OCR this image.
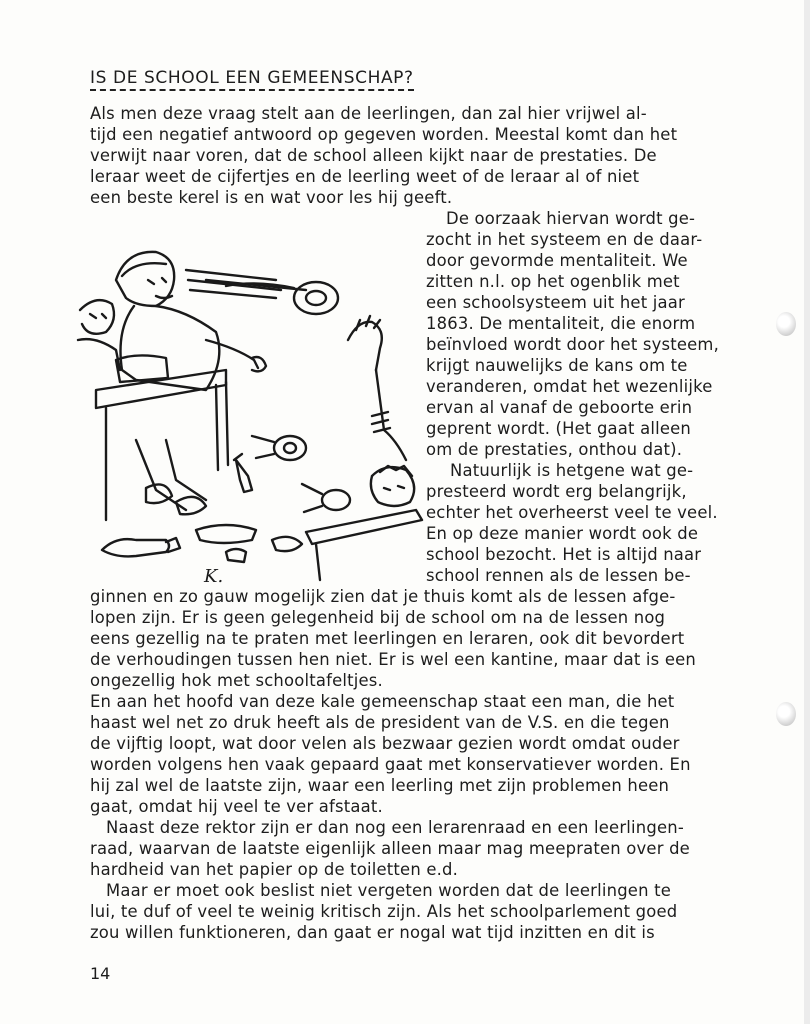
IS DE SCHOOL EEN GEMEENSCHAP?
Als men deze vraag stelt aan de leerlingen, dan zal hier vrijwel al-
tijd een negatief antwoord op gegeven worden. Meestal komt dan het
verwijt naar voren, dat de school alleen kijkt naar de prestaties. De
leraar weet de cijfertjes en de leerling weet of de leraar al of niet
een beste kerel is en wat voor les hij geeft.
De oorzaak hiervan wordt ge-
zocht in het systeem en de daar-
door gevormde mentaliteit. We
zitten n.l. op het ogenblik met
een schoolsysteem uit het jaar
1863. De mentaliteit, die enorm
beïnvloed wordt door het systeem,
krijgt nauwelijks de kans om te
veranderen, omdat het wezenlijke
ervan al vanaf de geboorte erin
geprent wordt. (Het gaat alleen
om de prestaties, onthou dat).
Natuurlijk is hetgene wat ge-
presteerd wordt erg belangrijk,
echter het overheerst veel te veel.
En op deze manier wordt ook de
school bezocht. Het is altijd naar
school rennen als de lessen be-
ginnen en zo gauw mogelijk zien dat je thuis komt als de lessen afge-
lopen zijn. Er is geen gelegenheid bij de school om na de lessen nog
eens gezellig na te praten met leerlingen en leraren, ook dit bevordert
de verhoudingen tussen hen niet. Er is wel een kantine, maar dat is een
ongezellig hok met schooltafeltjes.
En aan het hoofd van deze kale gemeenschap staat een man, die het
haast wel net zo druk heeft als de president van de V.S. en die tegen
de vijftig loopt, wat door velen als bezwaar gezien wordt omdat ouder
worden volgens hen vaak gepaard gaat met konservatiever worden. En
hij zal wel de laatste zijn, waar een leerling met zijn problemen heen
gaat, omdat hij veel te ver afstaat.
Naast deze rektor zijn er dan nog een lerarenraad en een leerlingen-
raad, waarvan de laatste eigenlijk alleen maar mag meepraten over de
hardheid van het papier op de toiletten e.d.
Maar er moet ook beslist niet vergeten worden dat de leerlingen te
lui, te duf of veel te weinig kritisch zijn. Als het schoolparlement goed
zou willen funktioneren, dan gaat er nogal wat tijd inzitten en dit is
K.
14
